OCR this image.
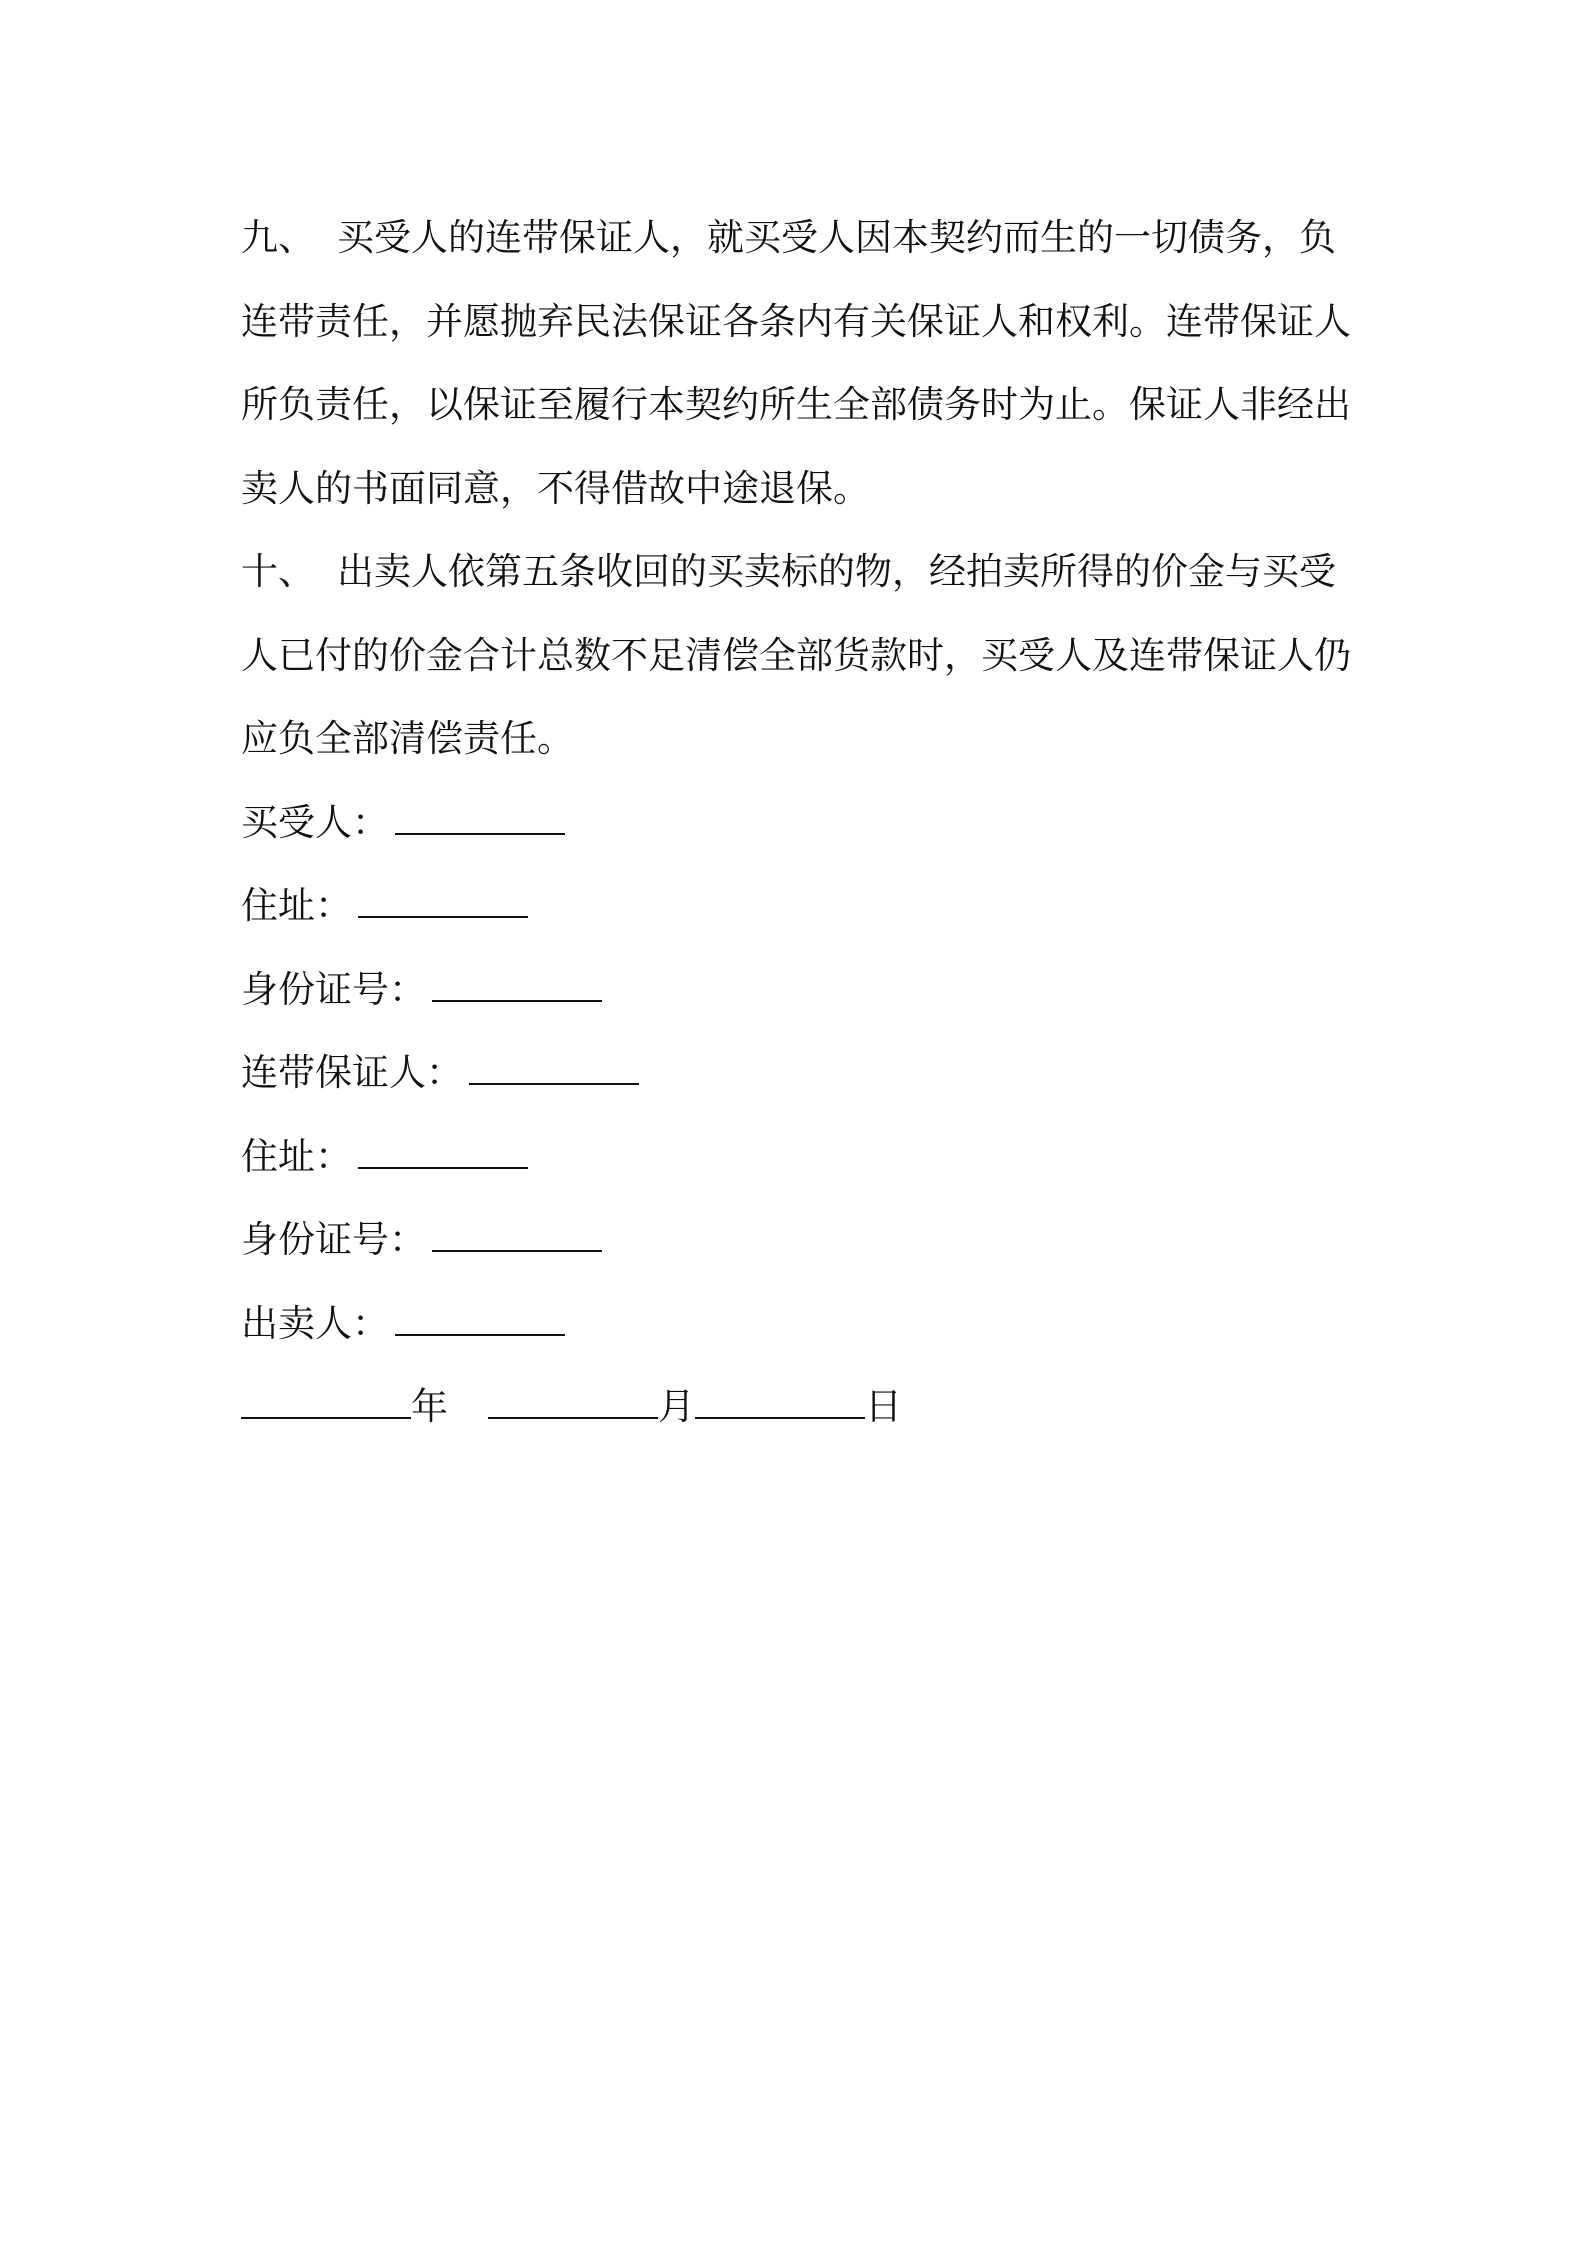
九、 买受人的连带保证人，就买受人因本契约而生的一切债务，负连带责任，并愿抛弃民法保证各条内有关保证人和权利。连带保证人所负责任，以保证至履行本契约所生全部债务时为止。保证人非经出卖人的书面同意，不得借故中途退保。

十、 出卖人依第五条收回的买卖标的物，经拍卖所得的价金与买受人已付的价金合计总数不足清偿全部货款时，买受人及连带保证人仍应负全部清偿责任。

买受人：

住址：

身份证号：

连带保证人：

住址：

身份证号：

出卖人：

年	月	日
